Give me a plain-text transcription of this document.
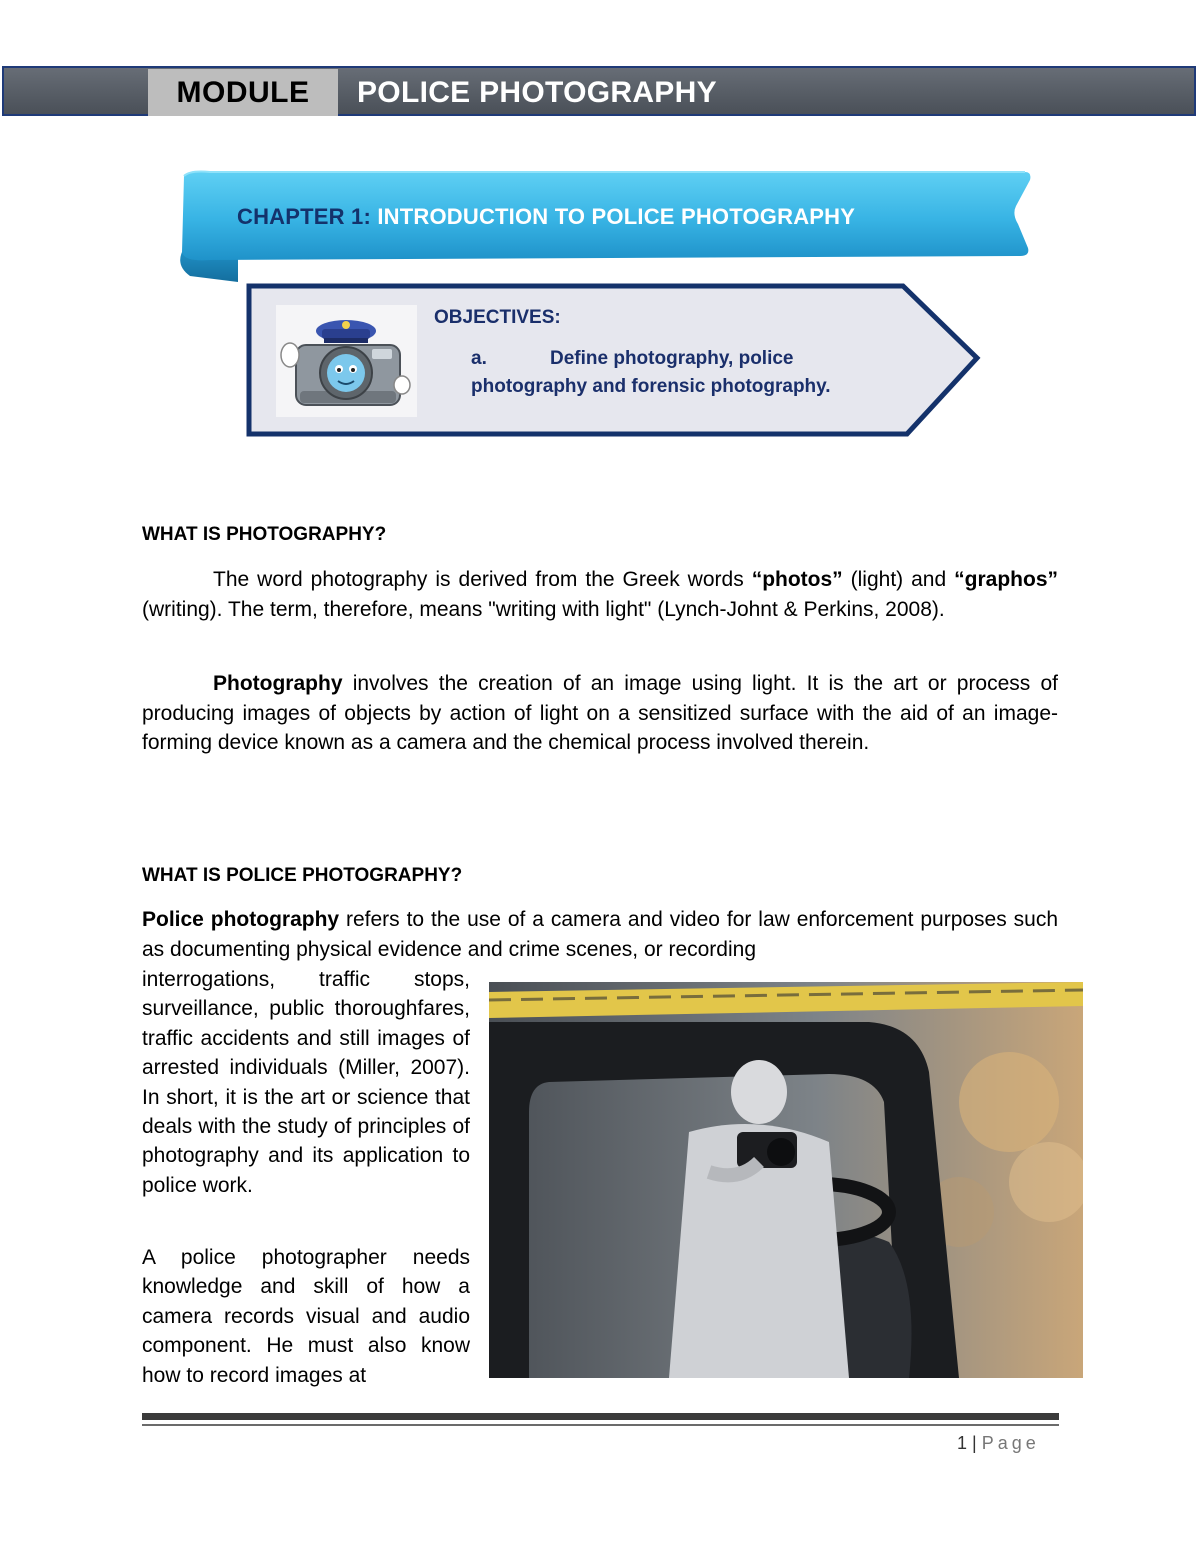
MODULE	POLICE PHOTOGRAPHY
CHAPTER 1: INTRODUCTION TO POLICE PHOTOGRAPHY
OBJECTIVES:
a.	Define photography, police
photography and forensic photography.
WHAT IS PHOTOGRAPHY?

The word photography is derived from the Greek words “photos” (light) and “graphos” (writing). The term, therefore, means "writing with light" (Lynch-Johnt & Perkins, 2008).

Photography involves the creation of an image using light. It is the art or process of producing images of objects by action of light on a sensitized surface with the aid of an image-forming device known as a camera and the chemical process involved therein.

WHAT IS POLICE PHOTOGRAPHY?

Police photography refers to the use of a camera and video for law enforcement purposes such as documenting physical evidence and crime scenes, or recording

interrogations, traffic stops, surveillance, public thoroughfares, traffic accidents and still images of arrested individuals (Miller, 2007). In short, it is the art or science that deals with the study of principles of photography and its application to police work.

A police photographer needs knowledge and skill of how a camera records visual and audio component. He must also know how to record images at

1 | Page
